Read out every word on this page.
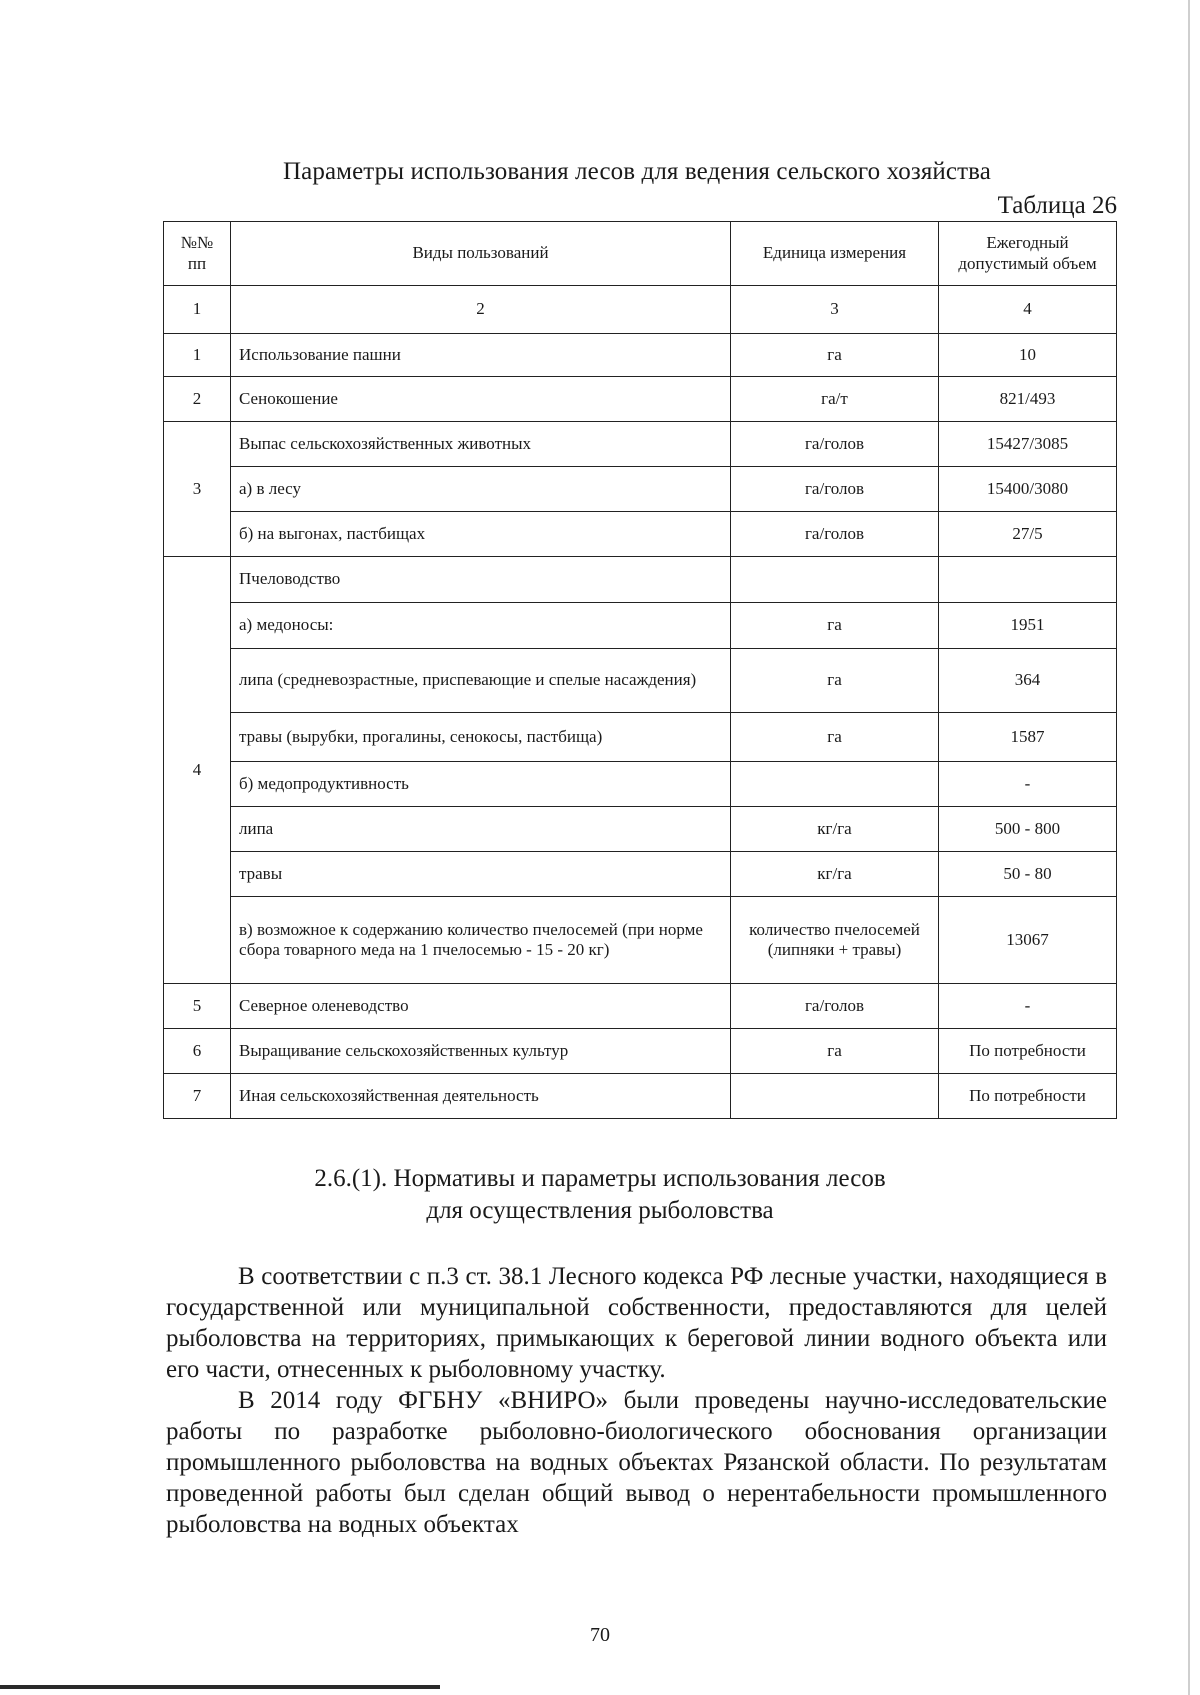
Параметры использования лесов для ведения сельского хозяйства
Таблица 26
№№ пп	Виды пользований	Единица измерения	Ежегодный допустимый объем
1	2	3	4
1	Использование пашни	га	10
2	Сенокошение	га/т	821/493
3	Выпас сельскохозяйственных животных	га/голов	15427/3085
	а) в лесу	га/голов	15400/3080
	б) на выгонах, пастбищах	га/голов	27/5
4	Пчеловодство		
	а) медоносы:	га	1951
	липа (средневозрастные, приспевающие и спелые насаждения)	га	364
	травы (вырубки, прогалины, сенокосы, пастбища)	га	1587
	б) медопродуктивность		-
	липа	кг/га	500 - 800
	травы	кг/га	50 - 80
	в) возможное к содержанию количество пчелосемей (при норме сбора товарного меда на 1 пчелосемью - 15 - 20 кг)	количество пчелосемей (липняки + травы)	13067
5	Северное оленеводство	га/голов	-
6	Выращивание сельскохозяйственных культур	га	По потребности
7	Иная сельскохозяйственная деятельность		По потребности
2.6.(1). Нормативы и параметры использования лесов
для осуществления рыболовства

В соответствии с п.3 ст. 38.1 Лесного кодекса РФ лесные участки, находящиеся в государственной или муниципальной собственности, предоставляются для целей рыболовства на территориях, примыкающих к береговой линии водного объекта или его части, отнесенных к рыболовному участку.

В 2014 году ФГБНУ «ВНИРО» были проведены научно-исследовательские работы по разработке рыболовно-биологического обоснования организации промышленного рыболовства на водных объектах Рязанской области. По результатам проведенной работы был сделан общий вывод о нерентабельности промышленного рыболовства на водных объектах

70
